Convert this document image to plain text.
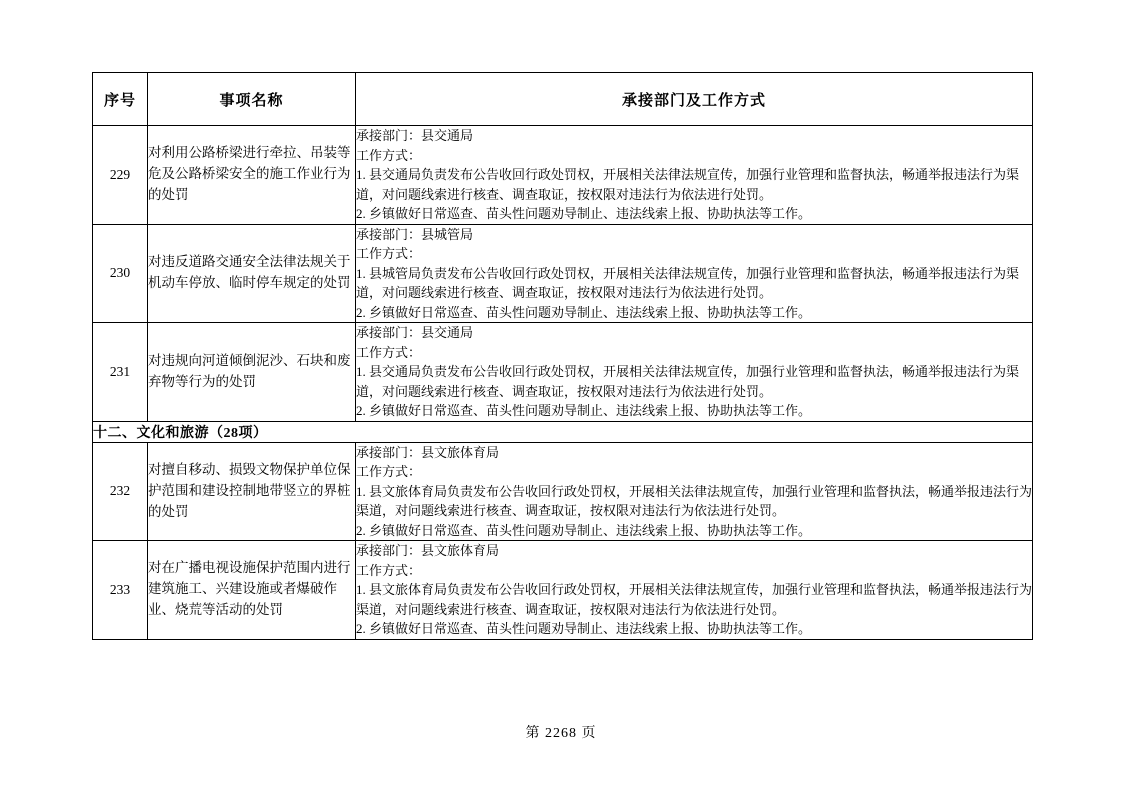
序号	事项名称	承接部门及工作方式
229	对利用公路桥梁进行牵拉、吊装等危及公路桥梁安全的施工作业行为的处罚	承接部门：县交通局
工作方式：
1. 县交通局负责发布公告收回行政处罚权，开展相关法律法规宣传，加强行业管理和监督执法，畅通举报违法行为渠道，对问题线索进行核查、调查取证，按权限对违法行为依法进行处罚。
2. 乡镇做好日常巡查、苗头性问题劝导制止、违法线索上报、协助执法等工作。

230	对违反道路交通安全法律法规关于机动车停放、临时停车规定的处罚	承接部门：县城管局
工作方式：
1. 县城管局负责发布公告收回行政处罚权，开展相关法律法规宣传，加强行业管理和监督执法，畅通举报违法行为渠道，对问题线索进行核查、调查取证，按权限对违法行为依法进行处罚。
2. 乡镇做好日常巡查、苗头性问题劝导制止、违法线索上报、协助执法等工作。

231	对违规向河道倾倒泥沙、石块和废弃物等行为的处罚	承接部门：县交通局
工作方式：
1. 县交通局负责发布公告收回行政处罚权，开展相关法律法规宣传，加强行业管理和监督执法，畅通举报违法行为渠道，对问题线索进行核查、调查取证，按权限对违法行为依法进行处罚。
2. 乡镇做好日常巡查、苗头性问题劝导制止、违法线索上报、协助执法等工作。

十二、文化和旅游（28项）		
232	对擅自移动、损毁文物保护单位保护范围和建设控制地带竖立的界桩的处罚	承接部门：县文旅体育局
工作方式：
1. 县文旅体育局负责发布公告收回行政处罚权，开展相关法律法规宣传，加强行业管理和监督执法，畅通举报违法行为渠道，对问题线索进行核查、调查取证，按权限对违法行为依法进行处罚。
2. 乡镇做好日常巡查、苗头性问题劝导制止、违法线索上报、协助执法等工作。

233	对在广播电视设施保护范围内进行建筑施工、兴建设施或者爆破作业、烧荒等活动的处罚	承接部门：县文旅体育局
工作方式：
1. 县文旅体育局负责发布公告收回行政处罚权，开展相关法律法规宣传，加强行业管理和监督执法，畅通举报违法行为渠道，对问题线索进行核查、调查取证，按权限对违法行为依法进行处罚。
2. 乡镇做好日常巡查、苗头性问题劝导制止、违法线索上报、协助执法等工作。
第 2268 页
